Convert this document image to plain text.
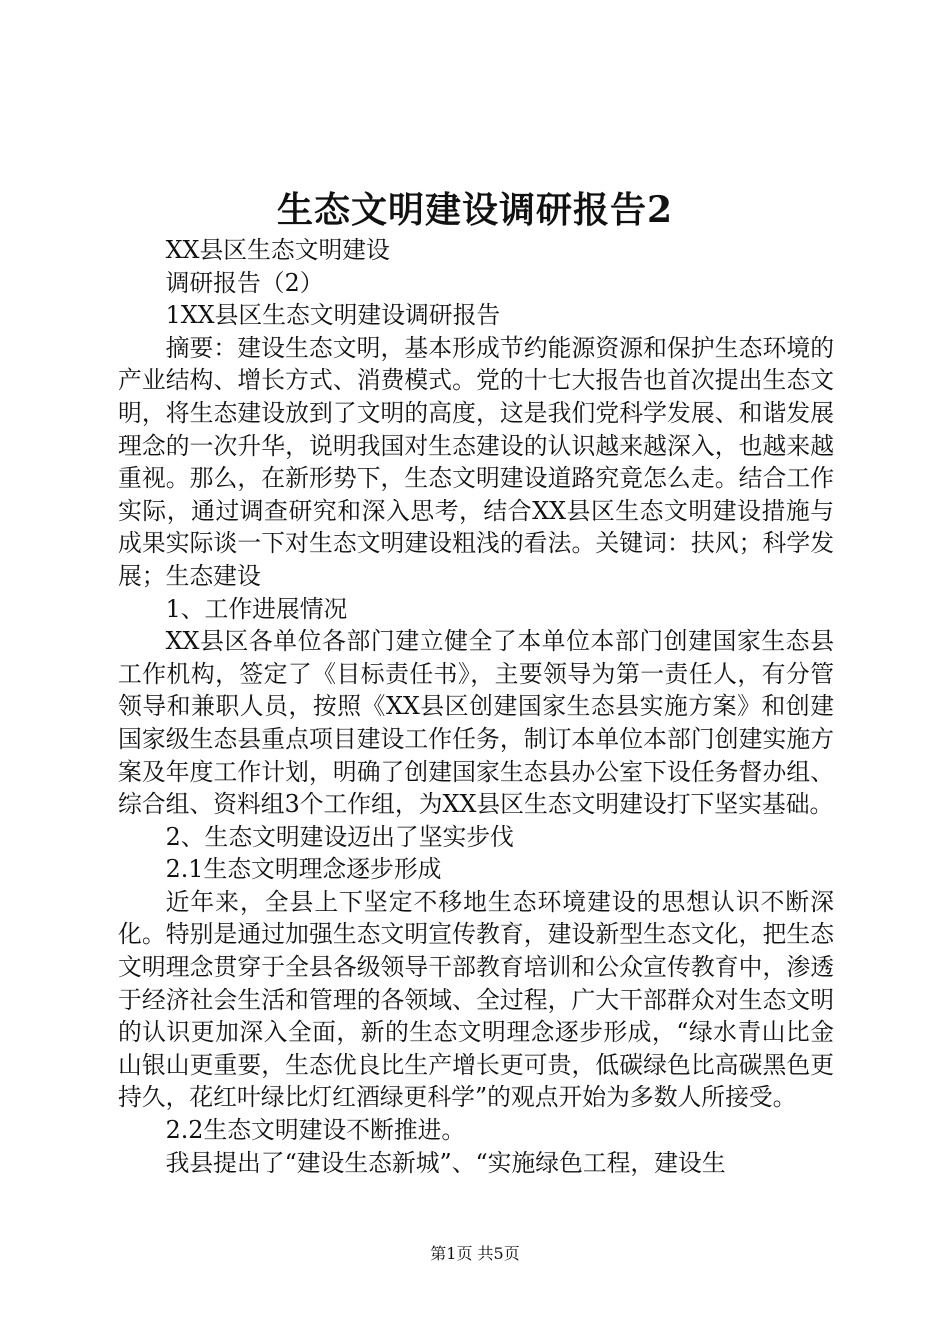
生态文明建设调研报告2

XX县区生态文明建设

调研报告（2）

1XX县区生态文明建设调研报告

摘要：建设生态文明，基本形成节约能源资源和保护生态环境的产业结构、增长方式、消费模式。党的十七大报告也首次提出生态文明，将生态建设放到了文明的高度，这是我们党科学发展、和谐发展理念的一次升华，说明我国对生态建设的认识越来越深入，也越来越重视。那么，在新形势下，生态文明建设道路究竟怎么走。结合工作实际，通过调查研究和深入思考，结合XX县区生态文明建设措施与成果实际谈一下对生态文明建设粗浅的看法。关键词：扶风；科学发展；生态建设

1、工作进展情况

XX县区各单位各部门建立健全了本单位本部门创建国家生态县工作机构，签定了《目标责任书》，主要领导为第一责任人，有分管领导和兼职人员，按照《XX县区创建国家生态县实施方案》和创建国家级生态县重点项目建设工作任务，制订本单位本部门创建实施方案及年度工作计划，明确了创建国家生态县办公室下设任务督办组、综合组、资料组3个工作组，为XX县区生态文明建设打下坚实基础。

2、生态文明建设迈出了坚实步伐

2.1生态文明理念逐步形成

近年来，全县上下坚定不移地生态环境建设的思想认识不断深化。特别是通过加强生态文明宣传教育，建设新型生态文化，把生态文明理念贯穿于全县各级领导干部教育培训和公众宣传教育中，渗透于经济社会生活和管理的各领域、全过程，广大干部群众对生态文明的认识更加深入全面，新的生态文明理念逐步形成，“绿水青山比金山银山更重要，生态优良比生产增长更可贵，低碳绿色比高碳黑色更持久，花红叶绿比灯红酒绿更科学”的观点开始为多数人所接受。

2.2生态文明建设不断推进。

我县提出了“建设生态新城”、“实施绿色工程，建设生

第1页 共5页
